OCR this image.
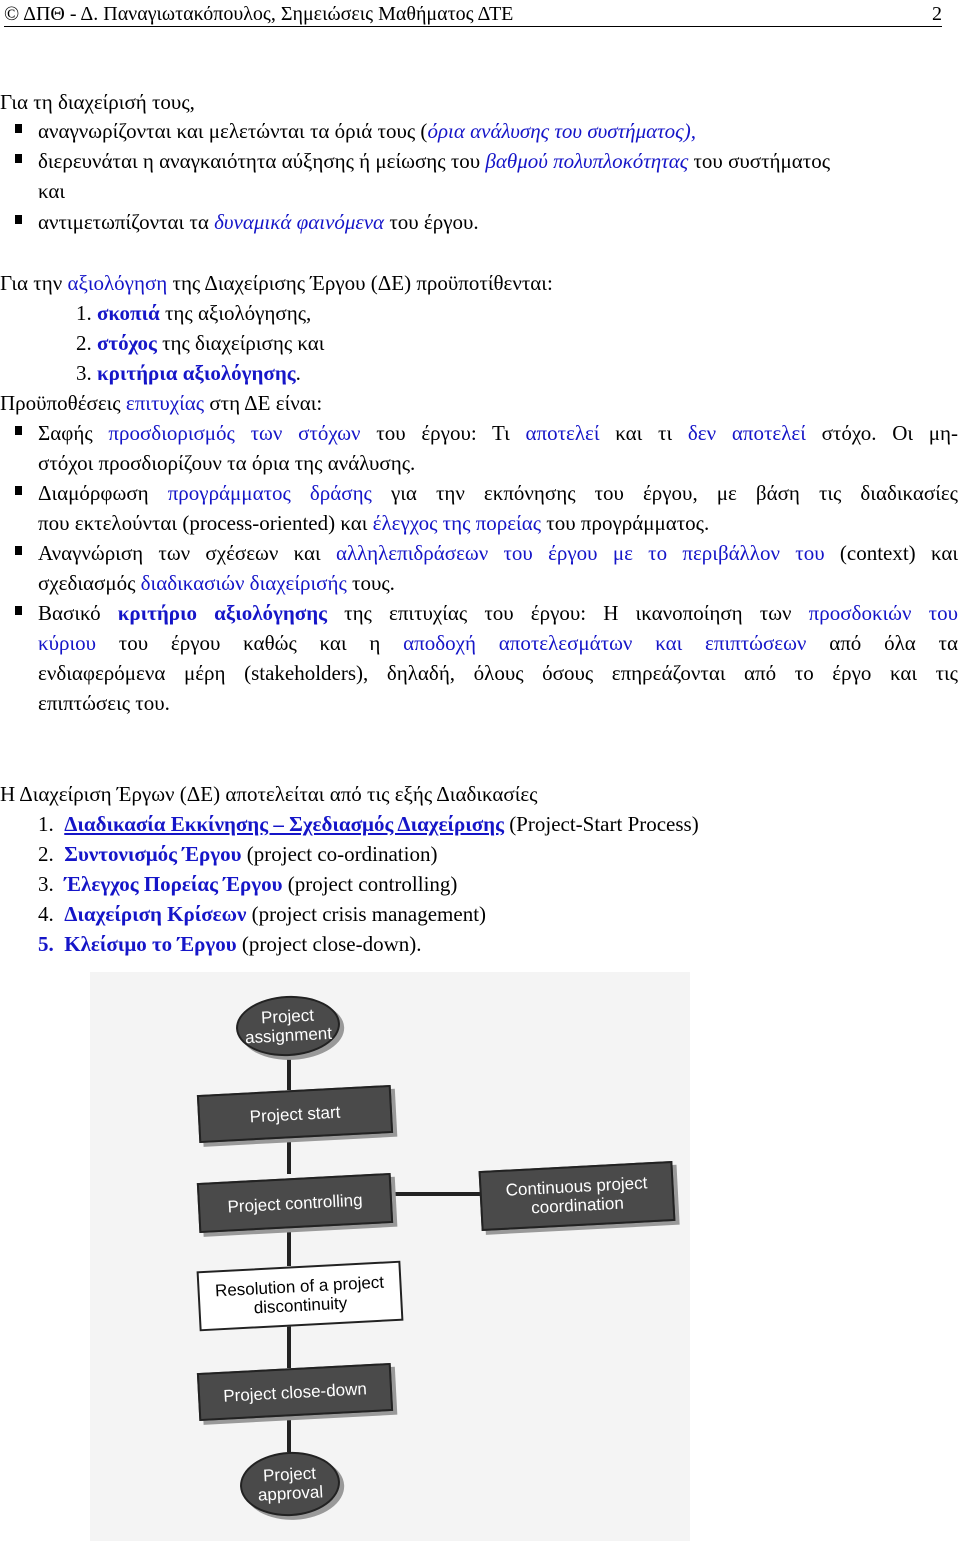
© ΔΠΘ - Δ. Παναγιωτακόπουλος, Σημειώσεις Μαθήματος ΔΤΕ	2
Για τη διαχείρισή τους,
αναγνωρίζονται και μελετώνται τα όριά τους (όρια ανάλυσης του συστήματος),
διερευνάται η αναγκαιότητα αύξησης ή μείωσης του βαθμού πολυπλοκότητας του συστήματος
και
αντιμετωπίζονται τα δυναμικά φαινόμενα του έργου.
Για την αξιολόγηση της Διαχείρισης Έργου (ΔΕ) προϋποτίθενται:
1. σκοπιά της αξιολόγησης,
2. στόχος της διαχείρισης και
3. κριτήρια αξιολόγησης.
Προϋποθέσεις επιτυχίας στη ΔΕ είναι:
Σαφής προσδιορισμός των στόχων του έργου: Τι αποτελεί και τι δεν αποτελεί στόχο. Οι μη-
στόχοι προσδιορίζουν τα όρια της ανάλυσης.
Διαμόρφωση προγράμματος δράσης για την εκπόνησης του έργου, με βάση τις διαδικασίες
που εκτελούνται (process-oriented) και έλεγχος της πορείας του προγράμματος.
Αναγνώριση των σχέσεων και αλληλεπιδράσεων του έργου με το περιβάλλον του (context) και
σχεδιασμός διαδικασιών διαχείρισής τους.
Βασικό κριτήριο αξιολόγησης της επιτυχίας του έργου: Η ικανοποίηση των προσδοκιών του
κύριου του έργου καθώς και η αποδοχή αποτελεσμάτων και επιπτώσεων από όλα τα
ενδιαφερόμενα μέρη (stakeholders), δηλαδή, όλους όσους επηρεάζονται από το έργο και τις
επιπτώσεις του.
Η Διαχείριση Έργων (ΔΕ) αποτελείται από τις εξής Διαδικασίες
1. Διαδικασία Εκκίνησης – Σχεδιασμός Διαχείρισης (Project-Start Process)
2. Συντονισμός Έργου (project co-ordination)
3. Έλεγχος Πορείας Έργου (project controlling)
4. Διαχείριση Κρίσεων (project crisis management)
5. Κλείσιμο το Έργου (project close-down).
Project assignment
Project start
Project controlling
Continuous project coordination
Resolution of a project discontinuity
Project close-down
Project approval
